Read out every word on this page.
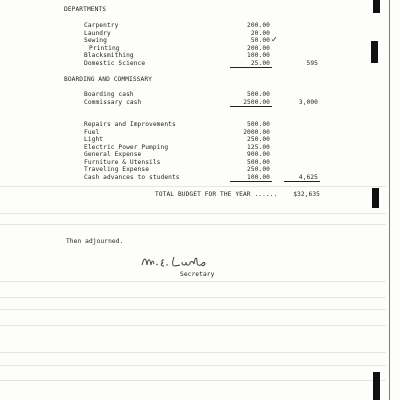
DEPARTMENTS
Carpentry	200.00
Laundry	20.00
Sewing	50.00 ✓
Printing	200.00
Blacksmithing	100.00
Domestic Science	25.00	595
BOARDING AND COMMISSARY
Boarding cash	500.00
Commissary cash	2500.00	3,000
Repairs and Improvements	500.00
Fuel	2000.00
Light	250.00
Electric Power Pumping	125.00
General Expense	900.00
Furniture & Utensils	500.00
Traveling Expense	250.00
Cash advances to students	100.00	4,625
TOTAL BUDGET FOR THE YEAR ......	$32,635
Then adjourned.
Secretary
